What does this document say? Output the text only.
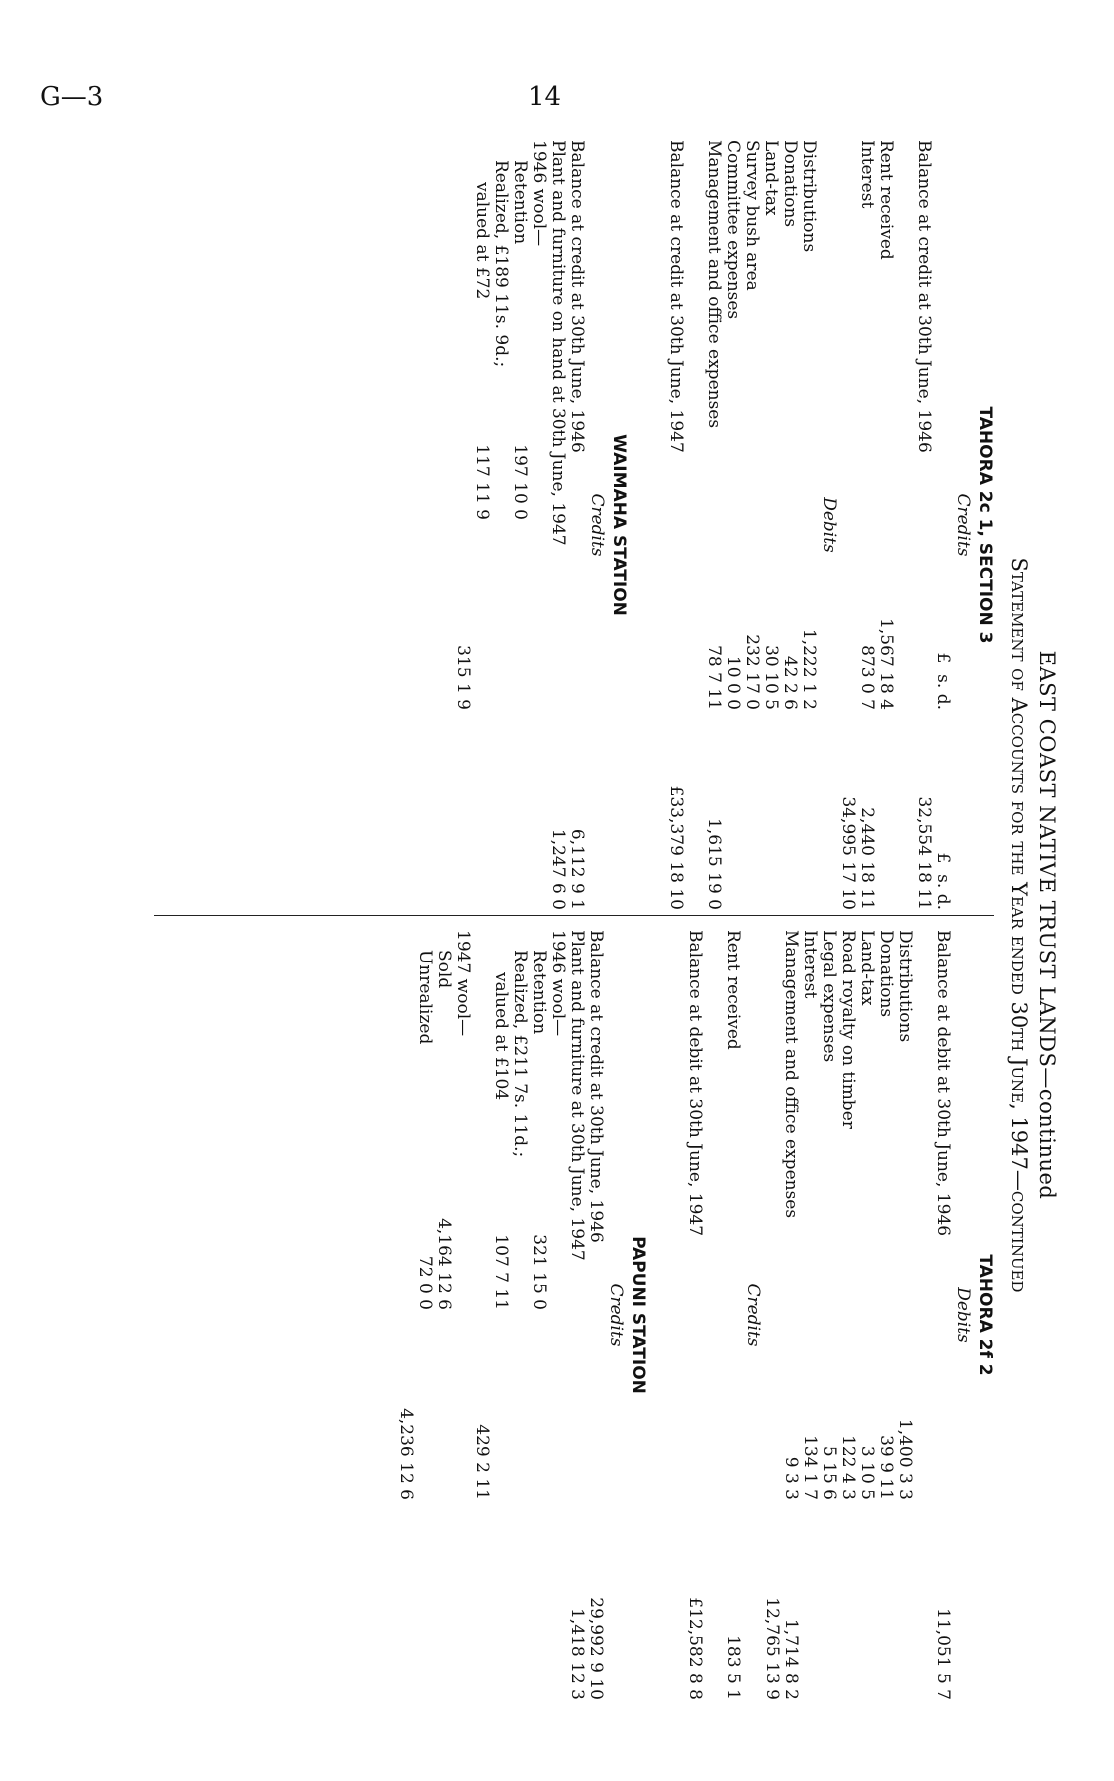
G—3	14
EAST COAST NATIVE TRUST LANDS—continued
Statement of Accounts for the Year ended 30th June, 1947—continued
TAHORA 2c 1, SECTION 3
Credits
£  s. d.
£  s. d.
Balance at credit at 30th June, 1946
32,554 18 11
Rent received
1,567 18 4
Interest
873 0 7
2,440 18 11
34,995 17 10
Debits
Distributions
1,222 1 2
Donations
42 2 6
Land-tax
30 10 5
Survey bush area
232 17 0
Committee expenses
10 0 0
Management and office expenses
78 7 11
1,615 19 0
Balance at credit at 30th June, 1947
£33,379 18 10
WAIMAHA STATION
Credits
Balance at credit at 30th June, 1946
6,112 9 1
Plant and furniture on hand at 30th June, 1947
1,247 6 0
1946 wool—
Retention
197 10 0
Realized, £189 11s. 9d.;
valued at £72
117 11 9
315 1 9
TAHORA 2f 2
Debits
Balance at debit at 30th June, 1946
11,051 5 7
Distributions
1,400 3 3
Donations
39 9 11
Land-tax
3 10 5
Road royalty on timber
122 4 3
Legal expenses
5 15 6
Interest
134 1 7
Management and office expenses
9 3 3
1,714 8 2
12,765 13 9
Credits
Rent received
183 5 1
Balance at debit at 30th June, 1947
£12,582 8 8
PAPUNI STATION
Credits
Balance at credit at 30th June, 1946
29,992 9 10
Plant and furniture at 30th June, 1947
1,418 12 3
1946 wool—
Retention
321 15 0
Realized, £211 7s. 11d.;
valued at £104
107 7 11
429 2 11
1947 wool—
Sold
4,164 12 6
Unrealized
72 0 0
4,236 12 6
